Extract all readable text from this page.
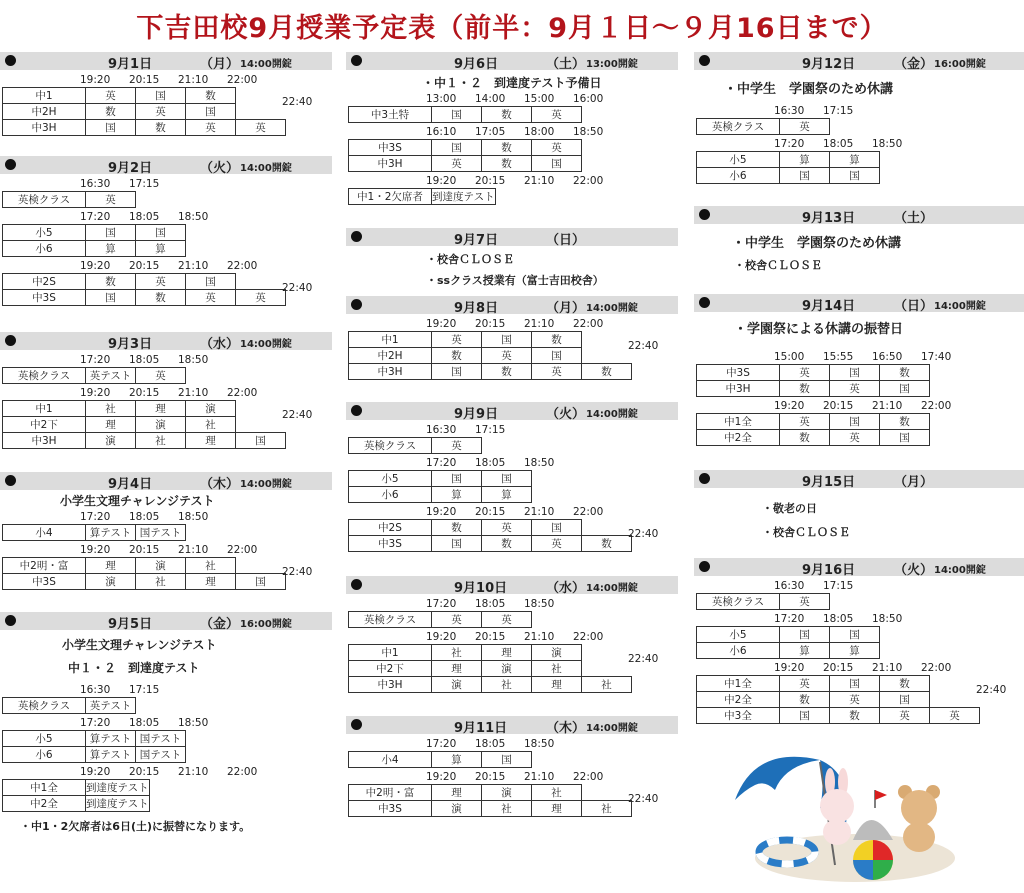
下吉田校9月授業予定表（前半：9月１日～９月16日まで）
9月1日	（月） 14:00開錠
19:20 20:15 21:10 22:00
中1	英	国	数	
中2H	数	英	国	
中3H	国	数	英	英
22:40
9月2日	（火） 14:00開錠
16:30 17:15
英検クラス	英
17:20 18:05 18:50
小5	国	国
小6	算	算
19:20 20:15 21:10 22:00
中2S	数	英	国	
中3S	国	数	英	英
22:40
9月3日	（水） 14:00開錠
17:20 18:05 18:50
英検クラス	英テスト	英
19:20 20:15 21:10 22:00
中1	社	理	演	
中2下	理	演	社	
中3H	演	社	理	国
22:40
9月4日	（木） 14:00開錠
小学生文理チャレンジテスト
17:20 18:05 18:50
小4	算テスト	国テスト
19:20 20:15 21:10 22:00
中2明・富	理	演	社	
中3S	演	社	理	国
22:40
9月5日	（金） 16:00開錠
小学生文理チャレンジテスト
中１・２　到達度テスト
16:30 17:15
英検クラス	英テスト
17:20 18:05 18:50
小5	算テスト	国テスト
小6	算テスト	国テスト
19:20 20:15 21:10 22:00
中1全	到達度テスト
中2全	到達度テスト
・中1・2欠席者は6日(土)に振替になります。
9月6日	（土） 13:00開錠
・中１・２　到達度テスト予備日
13:00 14:00 15:00 16:00
中3土特	国	数	英
16:10 17:05 18:00 18:50
中3S	国	数	英
中3H	英	数	国
19:20 20:15 21:10 22:00
中1・2欠席者	到達度テスト
9月7日	（日）
・校舎ＣＬＯＳＥ
・ssクラス授業有（富士吉田校舎）
9月8日	（月） 14:00開錠
19:20 20:15 21:10 22:00
中1	英	国	数	
中2H	数	英	国	
中3H	国	数	英	数
22:40
9月9日	（火） 14:00開錠
16:30 17:15
英検クラス	英
17:20 18:05 18:50
小5	国	国
小6	算	算
19:20 20:15 21:10 22:00
中2S	数	英	国	
中3S	国	数	英	数
22:40
9月10日	（水） 14:00開錠
17:20 18:05 18:50
英検クラス	英	英
19:20 20:15 21:10 22:00
中1	社	理	演	
中2下	理	演	社	
中3H	演	社	理	社
22:40
9月11日	（木） 14:00開錠
17:20 18:05 18:50
小4	算	国
19:20 20:15 21:10 22:00
中2明・富	理	演	社	
中3S	演	社	理	社
22:40
9月12日	（金） 16:00開錠
・中学生　学園祭のため休講
16:30 17:15
英検クラス	英
17:20 18:05 18:50
小5	算	算
小6	国	国
9月13日	（土）
・中学生　学園祭のため休講
・校舎ＣＬＯＳＥ
9月14日	（日） 14:00開錠
・学園祭による休講の振替日
15:00 15:55 16:50 17:40
中3S	英	国	数
中3H	数	英	国
19:20 20:15 21:10 22:00
中1全	英	国	数
中2全	数	英	国
9月15日	（月）
・敬老の日
・校舎ＣＬＯＳＥ
9月16日	（火） 14:00開錠
16:30 17:15
英検クラス	英
17:20 18:05 18:50
小5	国	国
小6	算	算
19:20 20:15 21:10 22:00
中1全	英	国	数	
中2全	数	英	国	
中3全	国	数	英	英
22:40
